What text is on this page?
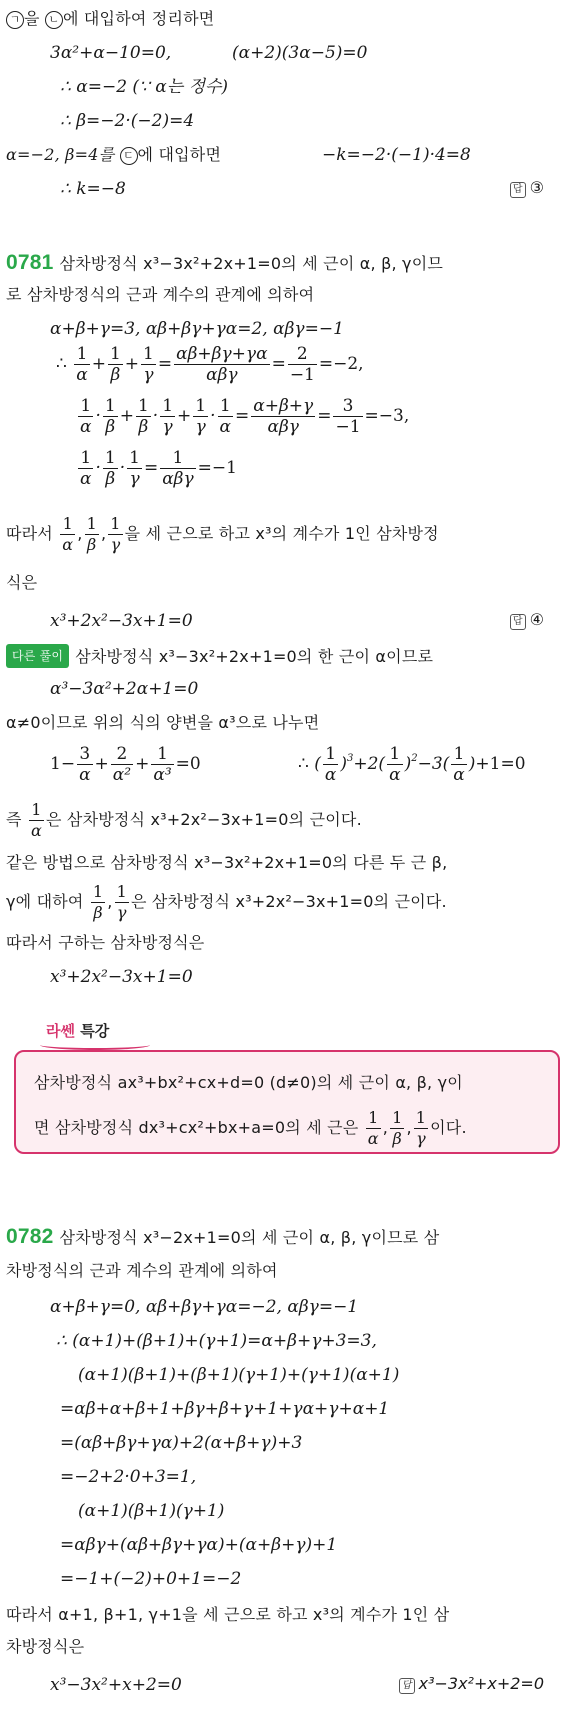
ㄱ 을 ㄴ 에 대입하여 정리하면
3α²+α−10=0,	(α+2)(3α−5)=0
∴ α=−2 (∵ α는 정수)
∴ β=−2·(−2)=4
α=−2, β=4를 ㄷ 에 대입하면	−k=−2·(−1)·4=8
∴ k=−8	답 ③
0781 삼차방정식 x³−3x²+2x+1=0의 세 근이 α, β, γ이므
로 삼차방정식의 근과 계수의 관계에 의하여
α+β+γ=3, αβ+βγ+γα=2, αβγ=−1
∴ $\frac{1}{\alpha} + \frac{1}{\beta} + \frac{1}{\gamma} = \frac{\alpha\beta+\beta\gamma+\gamma\alpha}{\text{αβγ}} = \frac{2}{-1} =-2$,
$\frac{1}{\alpha} \cdot \frac{1}{\beta} + \frac{1}{\beta} \cdot \frac{1}{\gamma} + \frac{1}{\gamma} \cdot \frac{1}{\alpha} = \frac{\alpha+\beta+\gamma}{\text{αβγ}} = \frac{3}{-1} =-3$,
$\frac{1}{\alpha} \cdot \frac{1}{\beta} \cdot \frac{1}{\gamma} = \frac{1}{\text{αβγ}} =-1$
따라서 $\frac{1}{\alpha}$ , $\frac{1}{\beta}$ , $\frac{1}{\gamma}$ 을 세 근으로 하고 x³의 계수가 1인 삼차방정
식은
x³+2x²−3x+1=0	답 ④
다른 풀이 삼차방정식 x³−3x²+2x+1=0의 한 근이 α이므로
α³−3α²+2α+1=0
α≠0이므로 위의 식의 양변을 α³으로 나누면
$1- \frac{3}{\alpha} + \frac{2}{\text{α²}} + \frac{1}{\text{α³}} =0$	∴ ( $\frac{1}{\alpha} )^3+2( \frac{1}{\alpha} )^2-3( \frac{1}{\alpha} )+1=0$
즉 $\frac{1}{\alpha}$ 은 삼차방정식 x³+2x²−3x+1=0의 근이다.
같은 방법으로 삼차방정식 x³−3x²+2x+1=0의 다른 두 근 β,
γ에 대하여 $\frac{1}{\beta}$ , $\frac{1}{\gamma}$ 은 삼차방정식 x³+2x²−3x+1=0의 근이다.
따라서 구하는 삼차방정식은
x³+2x²−3x+1=0
라쎈 특강
삼차방정식 ax³+bx²+cx+d=0 (d≠0)의 세 근이 α, β, γ이
면 삼차방정식 dx³+cx²+bx+a=0의 세 근은 $\frac{1}{\alpha}$ , $\frac{1}{\beta}$ , $\frac{1}{\gamma}$ 이다.
0782 삼차방정식 x³−2x+1=0의 세 근이 α, β, γ이므로 삼
차방정식의 근과 계수의 관계에 의하여
α+β+γ=0, αβ+βγ+γα=−2, αβγ=−1
∴ (α+1)+(β+1)+(γ+1)=α+β+γ+3=3,
(α+1)(β+1)+(β+1)(γ+1)+(γ+1)(α+1)
=αβ+α+β+1+βγ+β+γ+1+γα+γ+α+1
=(αβ+βγ+γα)+2(α+β+γ)+3
=−2+2·0+3=1,
(α+1)(β+1)(γ+1)
=αβγ+(αβ+βγ+γα)+(α+β+γ)+1
=−1+(−2)+0+1=−2
따라서 α+1, β+1, γ+1을 세 근으로 하고 x³의 계수가 1인 삼
차방정식은
x³−3x²+x+2=0	답 x³−3x²+x+2=0
